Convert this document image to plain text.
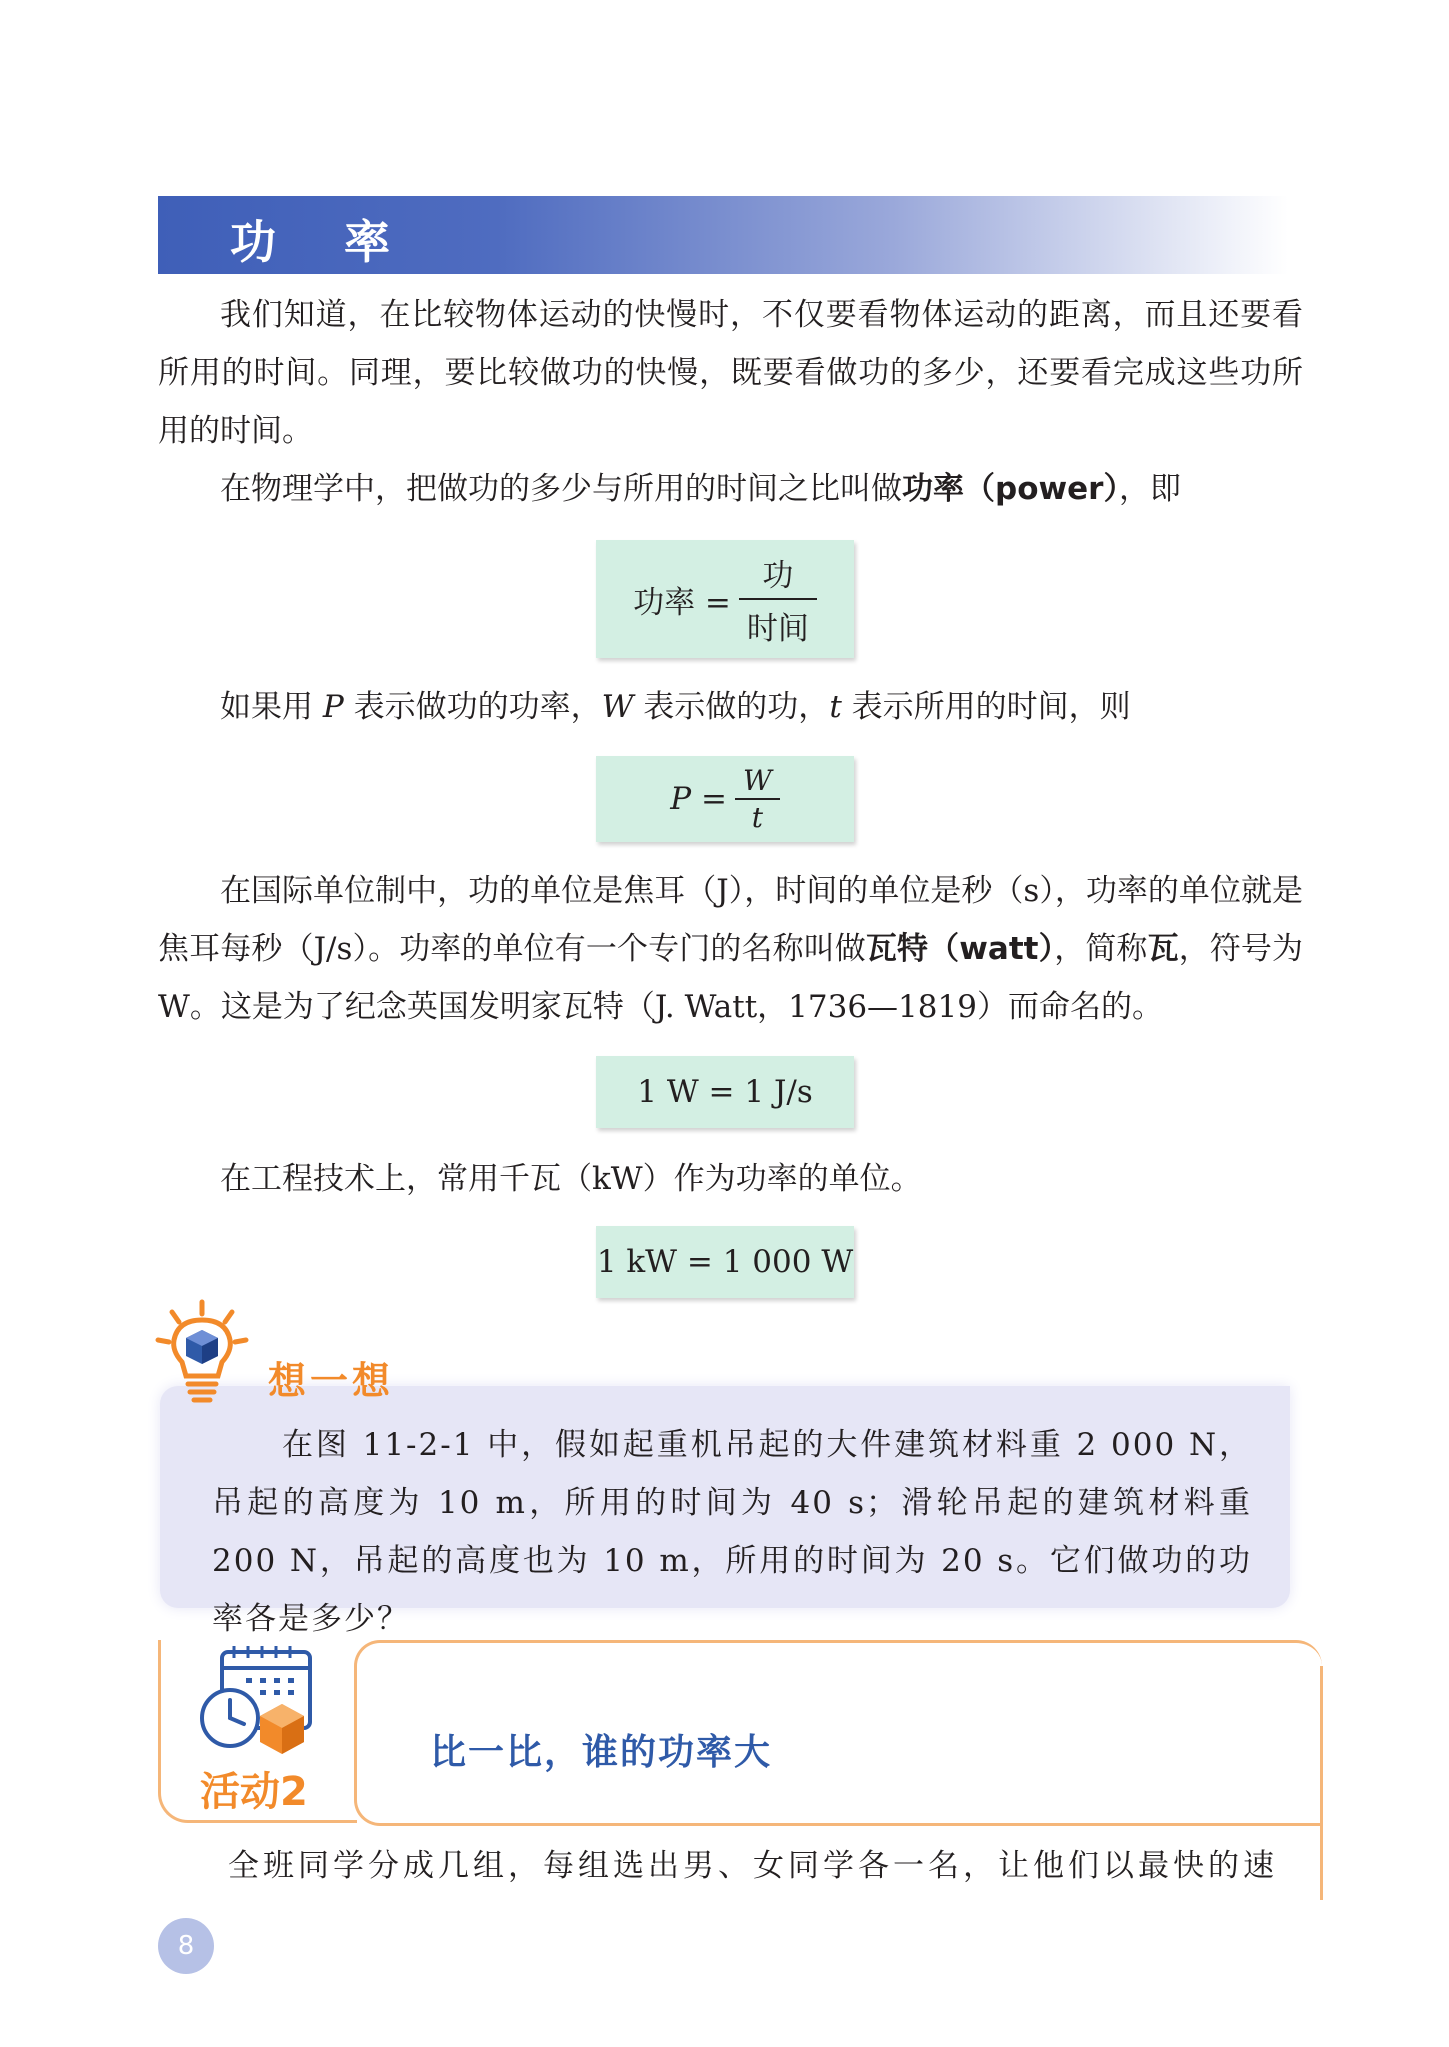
功 率

我们知道，在比较物体运动的快慢时，不仅要看物体运动的距离，而且还要看所用的时间。同理，要比较做功的快慢，既要看做功的多少，还要看完成这些功所用的时间。

在物理学中，把做功的多少与所用的时间之比叫做功率（power），即

功率 = $\frac{\text{功}}{\text{时间}}$

如果用 P 表示做功的功率，W 表示做的功，t 表示所用的时间，则

$P = \frac{W}{t}$

在国际单位制中，功的单位是焦耳（J），时间的单位是秒（s），功率的单位就是焦耳每秒（J/s）。功率的单位有一个专门的名称叫做瓦特（watt），简称瓦，符号为 W。这是为了纪念英国发明家瓦特（J. Watt，1736—1819）而命名的。

1 W = 1 J/s

在工程技术上，常用千瓦（kW）作为功率的单位。

1 kW = 1 000 W
想一想

在图 11-2-1 中，假如起重机吊起的大件建筑材料重 2 000 N，吊起的高度为 10 m，所用的时间为 40 s；滑轮吊起的建筑材料重 200 N，吊起的高度也为 10 m，所用的时间为 20 s。它们做功的功率各是多少？

活动2
比一比，谁的功率大
全班同学分成几组，每组选出男、女同学各一名，让他们以最快的速
8
